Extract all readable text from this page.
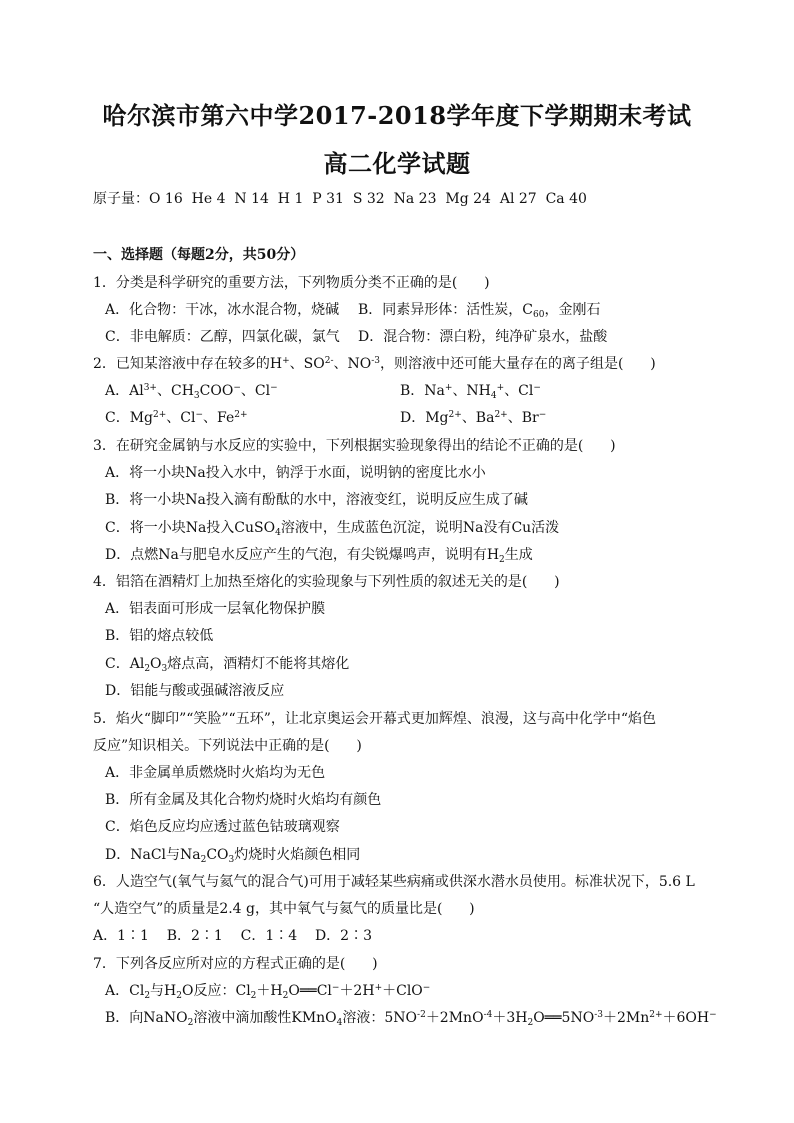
哈尔滨市第六中学2017-2018学年度下学期期末考试
高二化学试题
原子量：O 16  He 4  N 14  H 1  P 31  S 32  Na 23  Mg 24  Al 27  Ca 40
一、选择题（每题2分，共50分）
1．分类是科学研究的重要方法，下列物质分类不正确的是(      )
A．化合物：干冰，冰水混合物，烧碱 B．同素异形体：活性炭，$C_{60}$，金刚石
C．非电解质：乙醇，四氯化碳，氯气 D．混合物：漂白粉，纯净矿泉水，盐酸
2．已知某溶液中存在较多的H+、$SO^{2-}$、$NO^{-3}$，则溶液中还可能大量存在的离子组是(      )
A．$Al^{3+}$、$CH_3COO^-$、Cl−	B．Na+、$NH_4^+$、Cl−
C．$Mg^{2+}$、Cl−、$Fe^{2+}$	D．$Mg^{2+}$、$Ba^{2+}$、Br−
3．在研究金属钠与水反应的实验中，下列根据实验现象得出的结论不正确的是(      )
A．将一小块Na投入水中，钠浮于水面，说明钠的密度比水小
B．将一小块Na投入滴有酚酞的水中，溶液变红，说明反应生成了碱
C．将一小块Na投入CuSO$_4$溶液中，生成蓝色沉淀，说明Na没有Cu活泼
D．点燃Na与肥皂水反应产生的气泡，有尖锐爆鸣声，说明有$H_2$生成
4．铝箔在酒精灯上加热至熔化的实验现象与下列性质的叙述无关的是(      )
A．铝表面可形成一层氧化物保护膜
B．铝的熔点较低
C．$Al_2O_3$熔点高，酒精灯不能将其熔化
D．铝能与酸或强碱溶液反应
5．焰火“脚印”“笑脸”“五环”，让北京奥运会开幕式更加辉煌、浪漫，这与高中化学中“焰色
反应”知识相关。下列说法中正确的是(      )
A．非金属单质燃烧时火焰均为无色
B．所有金属及其化合物灼烧时火焰均有颜色
C．焰色反应均应透过蓝色钴玻璃观察
D．NaCl与$Na_2CO_3$灼烧时火焰颜色相同
6．人造空气(氧气与氦气的混合气)可用于减轻某些病痛或供深水潜水员使用。标准状况下，5.6 L
“人造空气”的质量是2.4 g，其中氧气与氦气的质量比是(      )
A．1∶1    B．2∶1    C．1∶4    D．2∶3
7．下列各反应所对应的方程式正确的是(      )
A．$Cl_2$与$H_2O$反应：$Cl_2+H_2O══Cl^-+2H^++ClO^-$
B．向NaNO$_2$溶液中滴加酸性KMnO$_4$溶液：$5NO^{-2}+2MnO^{-4}+3H_2O══5NO^{-3}+2Mn^{2+}+6OH^-$
